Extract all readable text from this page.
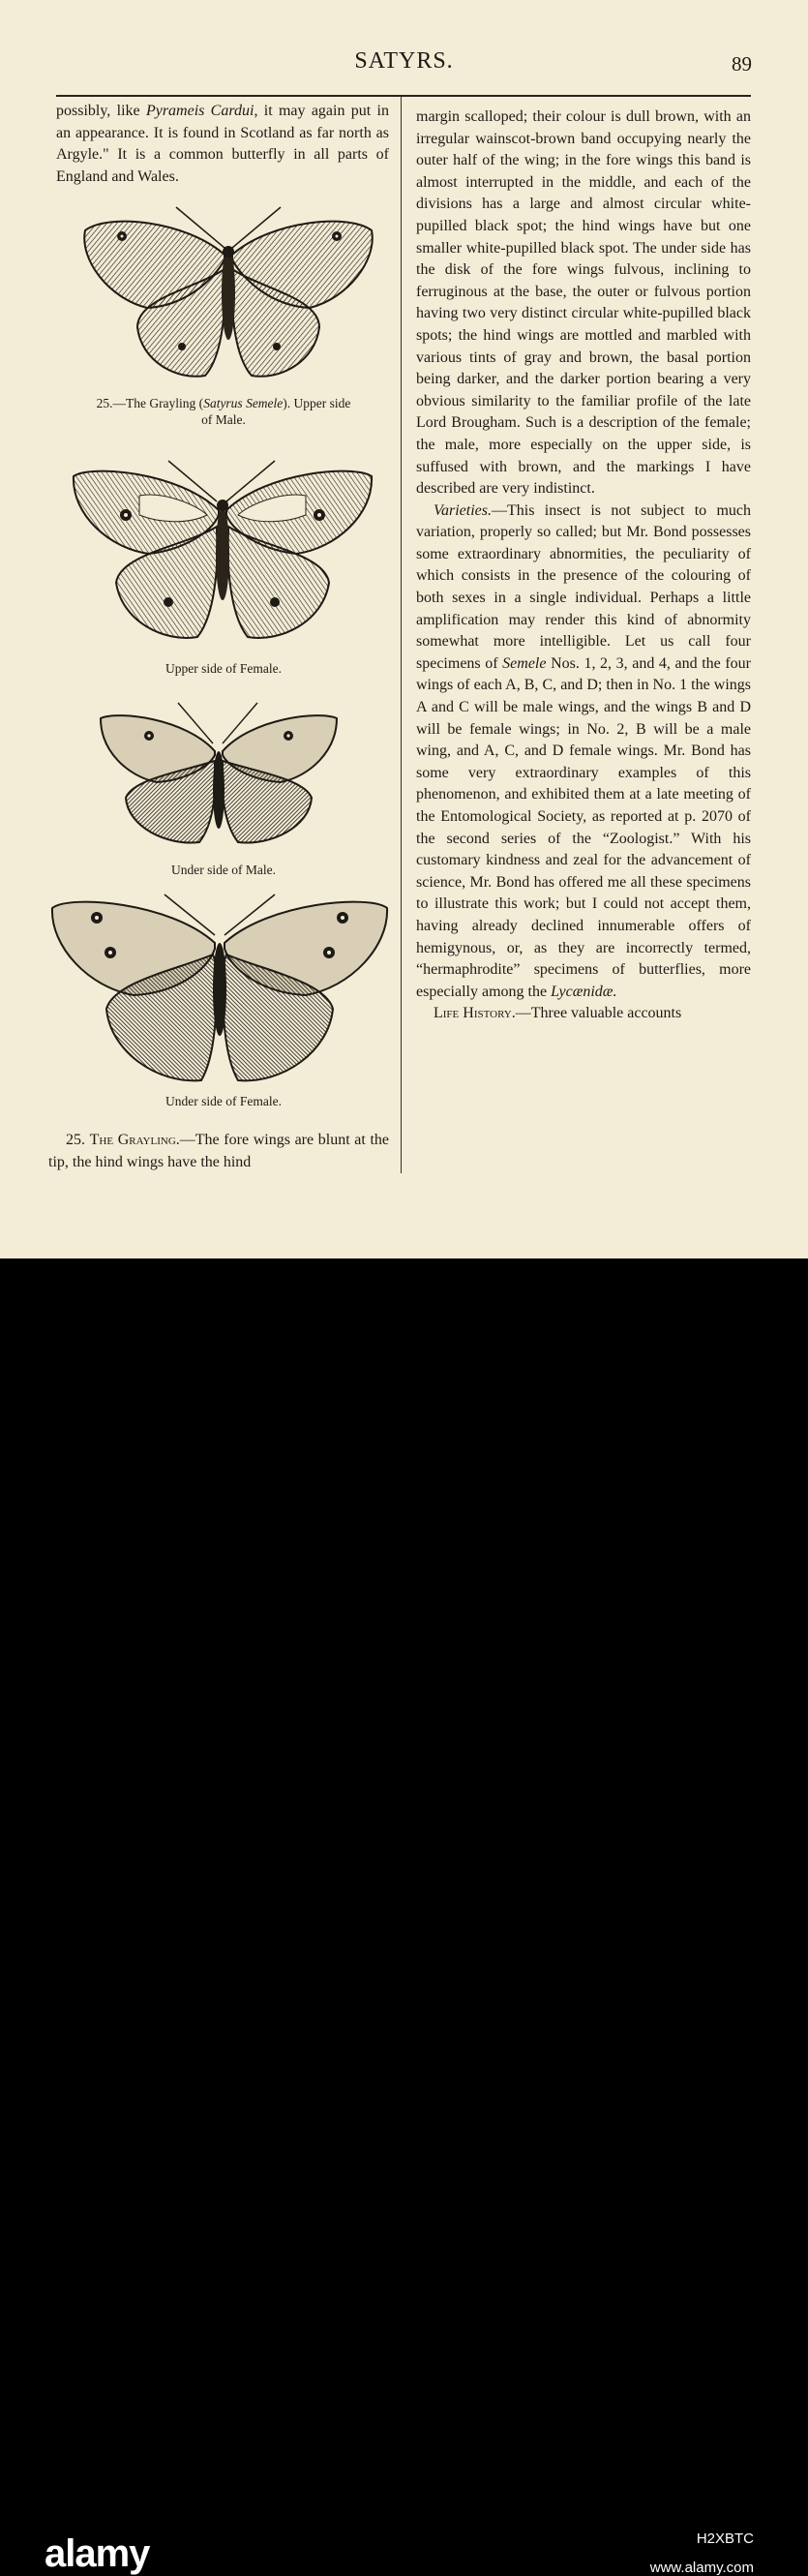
SATYRS.	89

possibly, like Pyrameis Cardui, it may again put in an appearance. It is found in Scotland as far north as Argyle." It is a common butterfly in all parts of England and Wales.

25.—The Grayling (Satyrus Semele). Upper side
of Male.
Upper side of Female.
Under side of Male.
Under side of Female.

25. The Grayling.—The fore wings are blunt at the tip, the hind wings have the hind

margin scalloped; their colour is dull brown, with an irregular wainscot-brown band occupying nearly the outer half of the wing; in the fore wings this band is almost interrupted in the middle, and each of the divisions has a large and almost circular white-pupilled black spot; the hind wings have but one smaller white-pupilled black spot. The under side has the disk of the fore wings fulvous, inclining to ferruginous at the base, the outer or fulvous portion having two very distinct circular white-pupilled black spots; the hind wings are mottled and marbled with various tints of gray and brown, the basal portion being darker, and the darker portion bearing a very obvious similarity to the familiar profile of the late Lord Brougham. Such is a description of the female; the male, more especially on the upper side, is suffused with brown, and the markings I have described are very indistinct.

Varieties.—This insect is not subject to much variation, properly so called; but Mr. Bond possesses some extraordinary abnormities, the peculiarity of which consists in the presence of the colouring of both sexes in a single individual. Perhaps a little amplification may render this kind of abnormity somewhat more intelligible. Let us call four specimens of Semele Nos. 1, 2, 3, and 4, and the four wings of each A, B, C, and D; then in No. 1 the wings A and C will be male wings, and the wings B and D will be female wings; in No. 2, B will be a male wing, and A, C, and D female wings. Mr. Bond has some very extraordinary examples of this phenomenon, and exhibited them at a late meeting of the Entomological Society, as reported at p. 2070 of the second series of the “Zoologist.” With his customary kindness and zeal for the advancement of science, Mr. Bond has offered me all these specimens to illustrate this work; but I could not accept them, having already declined innumerable offers of hemigynous, or, as they are incorrectly termed, “hermaphrodite” specimens of butterflies, more especially among the Lycænidæ.

Life History.—Three valuable accounts

alamy	H2XBTC
www.alamy.com
